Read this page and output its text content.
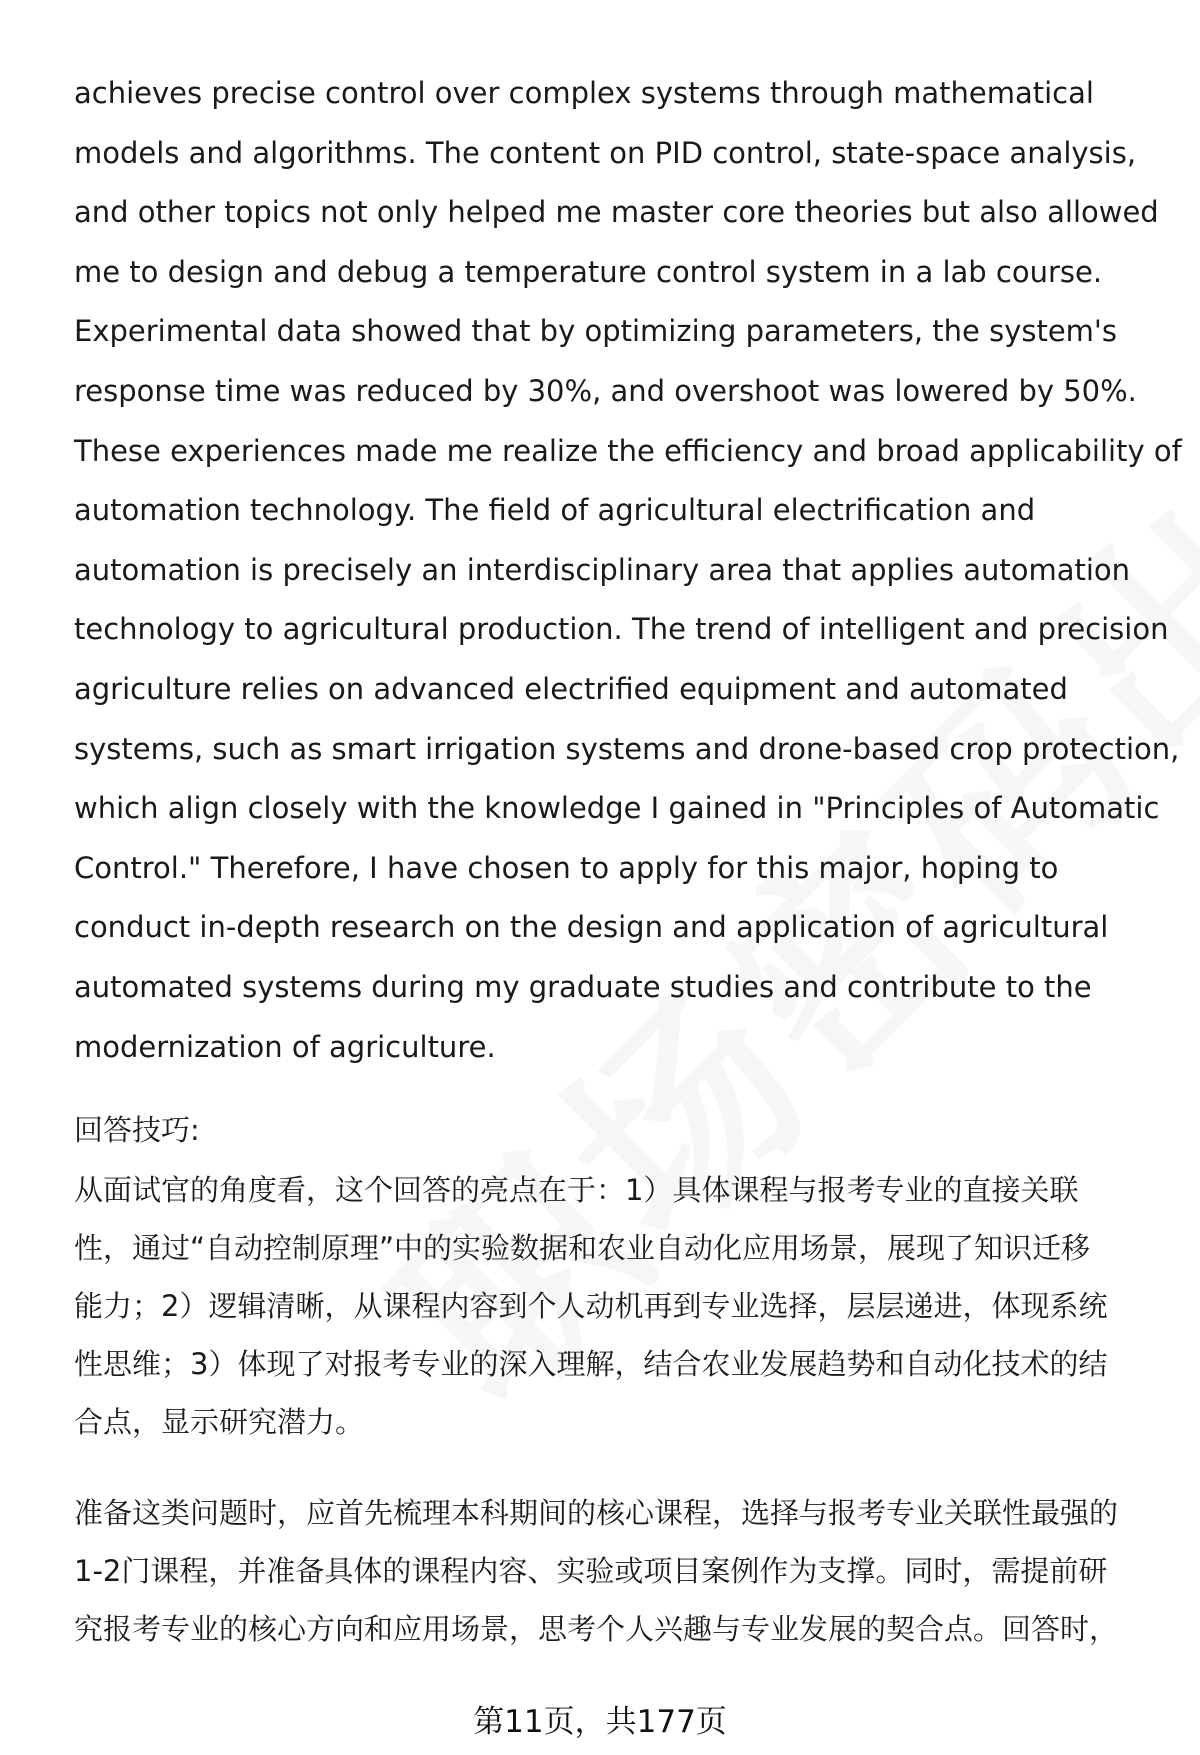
achieves precise control over complex systems through mathematical
models and algorithms. The content on PID control, state-space analysis,
and other topics not only helped me master core theories but also allowed
me to design and debug a temperature control system in a lab course.
Experimental data showed that by optimizing parameters, the system's
response time was reduced by 30%, and overshoot was lowered by 50%.
These experiences made me realize the efficiency and broad applicability of
automation technology. The field of agricultural electrification and
automation is precisely an interdisciplinary area that applies automation
technology to agricultural production. The trend of intelligent and precision
agriculture relies on advanced electrified equipment and automated
systems, such as smart irrigation systems and drone-based crop protection,
which align closely with the knowledge I gained in "Principles of Automatic
Control." Therefore, I have chosen to apply for this major, hoping to
conduct in-depth research on the design and application of agricultural
automated systems during my graduate studies and contribute to the
modernization of agriculture.
回答技巧:
从面试官的角度看，这个回答的亮点在于：1）具体课程与报考专业的直接关联
性，通过“自动控制原理”中的实验数据和农业自动化应用场景，展现了知识迁移
能力；2）逻辑清晰，从课程内容到个人动机再到专业选择，层层递进，体现系统
性思维；3）体现了对报考专业的深入理解，结合农业发展趋势和自动化技术的结
合点，显示研究潜力。
准备这类问题时，应首先梳理本科期间的核心课程，选择与报考专业关联性最强的
1-2门课程，并准备具体的课程内容、实验或项目案例作为支撑。同时，需提前研
究报考专业的核心方向和应用场景，思考个人兴趣与专业发展的契合点。回答时，
第11页，共177页
